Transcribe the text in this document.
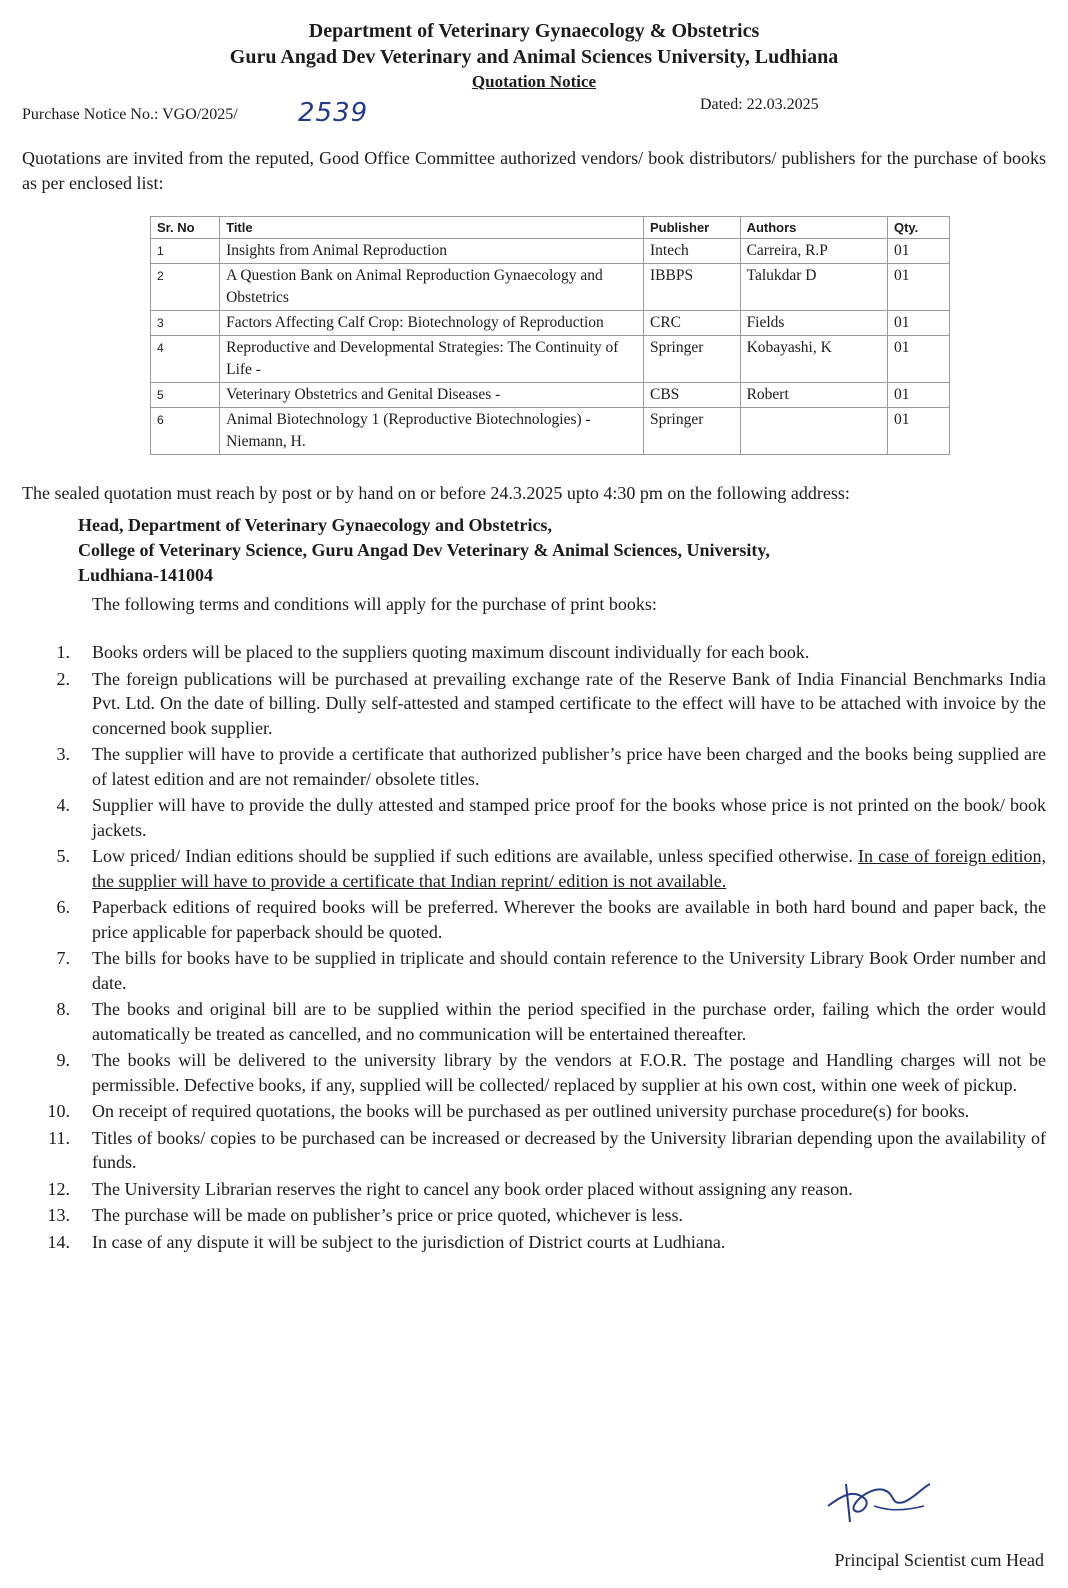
Department of Veterinary Gynaecology & Obstetrics
Guru Angad Dev Veterinary and Animal Sciences University, Ludhiana
Quotation Notice
Purchase Notice No.: VGO/2025/ 2539	Dated: 22.03.2025

Quotations are invited from the reputed, Good Office Committee authorized vendors/ book distributors/ publishers for the purchase of books as per enclosed list:

Sr. No	Title	Publisher	Authors	Qty.
1	Insights from Animal Reproduction	Intech	Carreira, R.P	01
2	A Question Bank on Animal Reproduction Gynaecology and Obstetrics	IBBPS	Talukdar D	01
3	Factors Affecting Calf Crop: Biotechnology of Reproduction	CRC	Fields	01
4	Reproductive and Developmental Strategies: The Continuity of Life -	Springer	Kobayashi, K	01
5	Veterinary Obstetrics and Genital Diseases -	CBS	Robert	01
6	Animal Biotechnology 1 (Reproductive Biotechnologies) - Niemann, H.	Springer		01
The sealed quotation must reach by post or by hand on or before 24.3.2025 upto 4:30 pm on the following address:
Head, Department of Veterinary Gynaecology and Obstetrics,
College of Veterinary Science, Guru Angad Dev Veterinary & Animal Sciences, University,
Ludhiana-141004
The following terms and conditions will apply for the purchase of print books:
1. Books orders will be placed to the suppliers quoting maximum discount individually for each book.
2. The foreign publications will be purchased at prevailing exchange rate of the Reserve Bank of India Financial Benchmarks India Pvt. Ltd. On the date of billing. Dully self-attested and stamped certificate to the effect will have to be attached with invoice by the concerned book supplier.
3. The supplier will have to provide a certificate that authorized publisher’s price have been charged and the books being supplied are of latest edition and are not remainder/ obsolete titles.
4. Supplier will have to provide the dully attested and stamped price proof for the books whose price is not printed on the book/ book jackets.
5. Low priced/ Indian editions should be supplied if such editions are available, unless specified otherwise. In case of foreign edition, the supplier will have to provide a certificate that Indian reprint/ edition is not available.
6. Paperback editions of required books will be preferred. Wherever the books are available in both hard bound and paper back, the price applicable for paperback should be quoted.
7. The bills for books have to be supplied in triplicate and should contain reference to the University Library Book Order number and date.
8. The books and original bill are to be supplied within the period specified in the purchase order, failing which the order would automatically be treated as cancelled, and no communication will be entertained thereafter.
9. The books will be delivered to the university library by the vendors at F.O.R. The postage and Handling charges will not be permissible. Defective books, if any, supplied will be collected/ replaced by supplier at his own cost, within one week of pickup.
10. On receipt of required quotations, the books will be purchased as per outlined university purchase procedure(s) for books.
11. Titles of books/ copies to be purchased can be increased or decreased by the University librarian depending upon the availability of funds.
12. The University Librarian reserves the right to cancel any book order placed without assigning any reason.
13. The purchase will be made on publisher’s price or price quoted, whichever is less.
14. In case of any dispute it will be subject to the jurisdiction of District courts at Ludhiana.
Principal Scientist cum Head
